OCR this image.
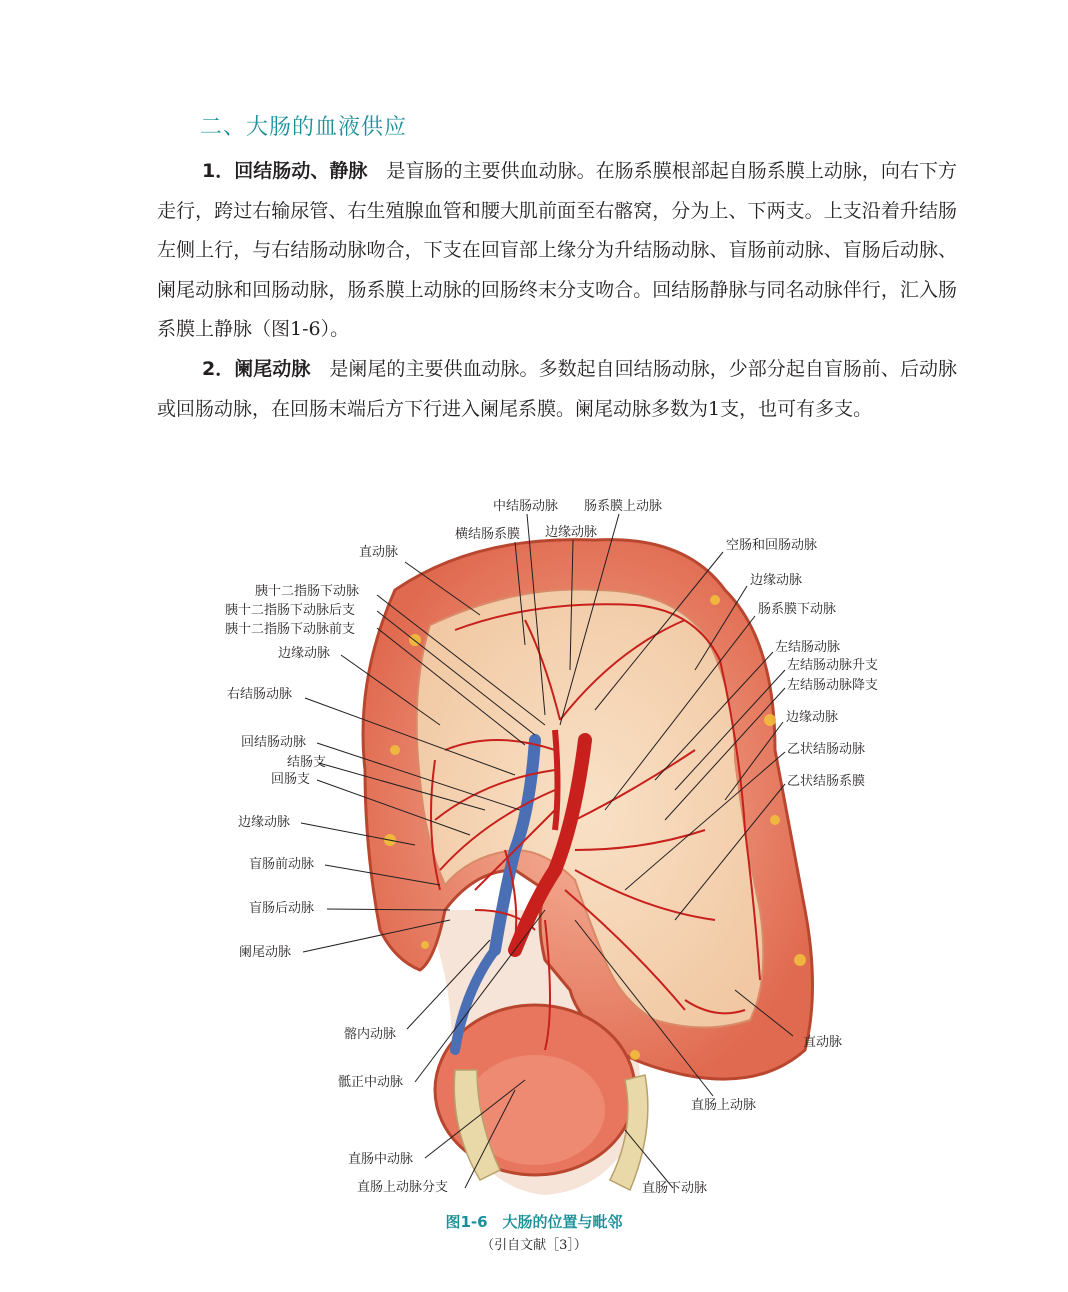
二、大肠的血液供应

1．回结肠动、静脉　是盲肠的主要供血动脉。在肠系膜根部起自肠系膜上动脉，向右下方走行，跨过右输尿管、右生殖腺血管和腰大肌前面至右髂窝，分为上、下两支。上支沿着升结肠左侧上行，与右结肠动脉吻合，下支在回盲部上缘分为升结肠动脉、盲肠前动脉、盲肠后动脉、阑尾动脉和回肠动脉，肠系膜上动脉的回肠终末分支吻合。回结肠静脉与同名动脉伴行，汇入肠系膜上静脉（图1-6）。

2．阑尾动脉　是阑尾的主要供血动脉。多数起自回结肠动脉，少部分起自盲肠前、后动脉或回肠动脉，在回肠末端后方下行进入阑尾系膜。阑尾动脉多数为1支，也可有多支。

中结肠动脉 肠系膜上动脉
横结肠系膜 边缘动脉
直动脉	空肠和回肠动脉
边缘动脉
肠系膜下动脉
左结肠动脉
左结肠动脉升支
左结肠动脉降支
边缘动脉
乙状结肠动脉
乙状结肠系膜
胰十二指肠下动脉
胰十二指肠下动脉后支
胰十二指肠下动脉前支
边缘动脉
右结肠动脉
回结肠动脉
结肠支
回肠支
边缘动脉
盲肠前动脉
盲肠后动脉
阑尾动脉
髂内动脉
骶正中动脉
直动脉
直肠上动脉
直肠中动脉
直肠上动脉分支	直肠下动脉
图1-6　大肠的位置与毗邻
（引自文献［3］）
